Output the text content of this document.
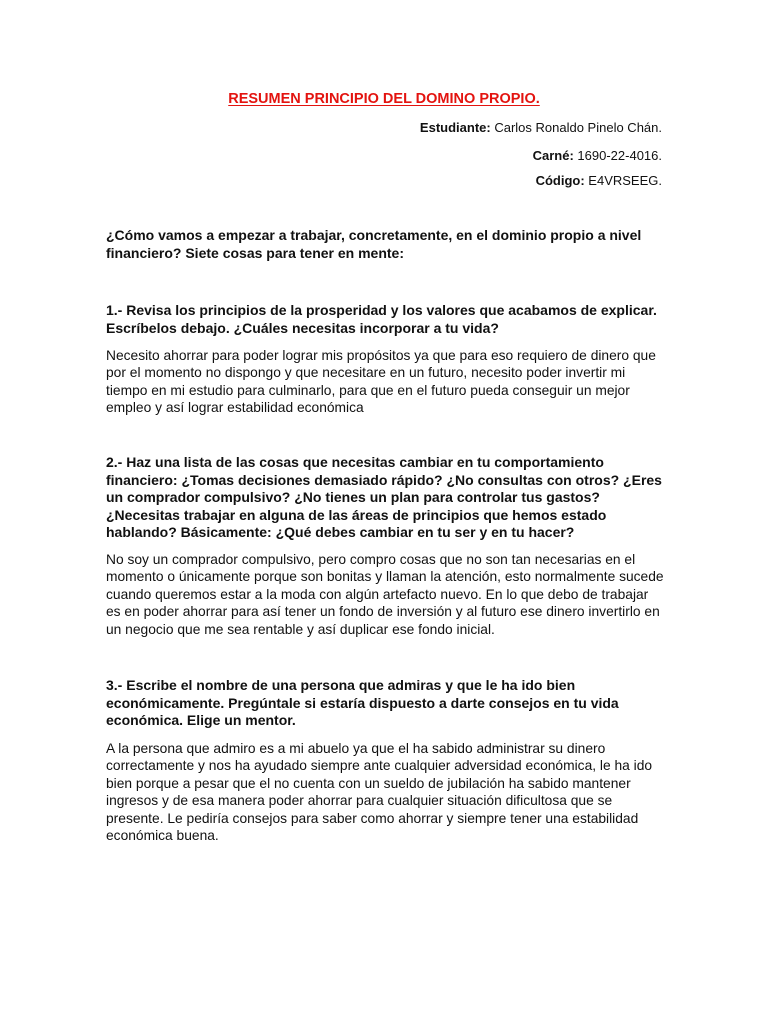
RESUMEN PRINCIPIO DEL DOMINO PROPIO.
Estudiante: Carlos Ronaldo Pinelo Chán.
Carné: 1690-22-4016.
Código: E4VRSEEG.
¿Cómo vamos a empezar a trabajar, concretamente, en el dominio propio a nivel financiero? Siete cosas para tener en mente:
1.- Revisa los principios de la prosperidad y los valores que acabamos de explicar. Escríbelos debajo. ¿Cuáles necesitas incorporar a tu vida?
Necesito ahorrar para poder lograr mis propósitos ya que para eso requiero de dinero que por el momento no dispongo y que necesitare en un futuro, necesito poder invertir mi tiempo en mi estudio para culminarlo, para que en el futuro pueda conseguir un mejor empleo y así lograr estabilidad económica
2.- Haz una lista de las cosas que necesitas cambiar en tu comportamiento financiero: ¿Tomas decisiones demasiado rápido? ¿No consultas con otros? ¿Eres un comprador compulsivo? ¿No tienes un plan para controlar tus gastos? ¿Necesitas trabajar en alguna de las áreas de principios que hemos estado hablando? Básicamente: ¿Qué debes cambiar en tu ser y en tu hacer?
No soy un comprador compulsivo, pero compro cosas que no son tan necesarias en el momento o únicamente porque son bonitas y llaman la atención, esto normalmente sucede cuando queremos estar a la moda con algún artefacto nuevo. En lo que debo de trabajar es en poder ahorrar para así tener un fondo de inversión y al futuro ese dinero invertirlo en un negocio que me sea rentable y así duplicar ese fondo inicial.
3.- Escribe el nombre de una persona que admiras y que le ha ido bien económicamente. Pregúntale si estaría dispuesto a darte consejos en tu vida económica. Elige un mentor.
A la persona que admiro es a mi abuelo ya que el ha sabido administrar su dinero correctamente y nos ha ayudado siempre ante cualquier adversidad económica, le ha ido bien porque a pesar que el no cuenta con un sueldo de jubilación ha sabido mantener ingresos y de esa manera poder ahorrar para cualquier situación dificultosa que se presente. Le pediría consejos para saber como ahorrar y siempre tener una estabilidad económica buena.
